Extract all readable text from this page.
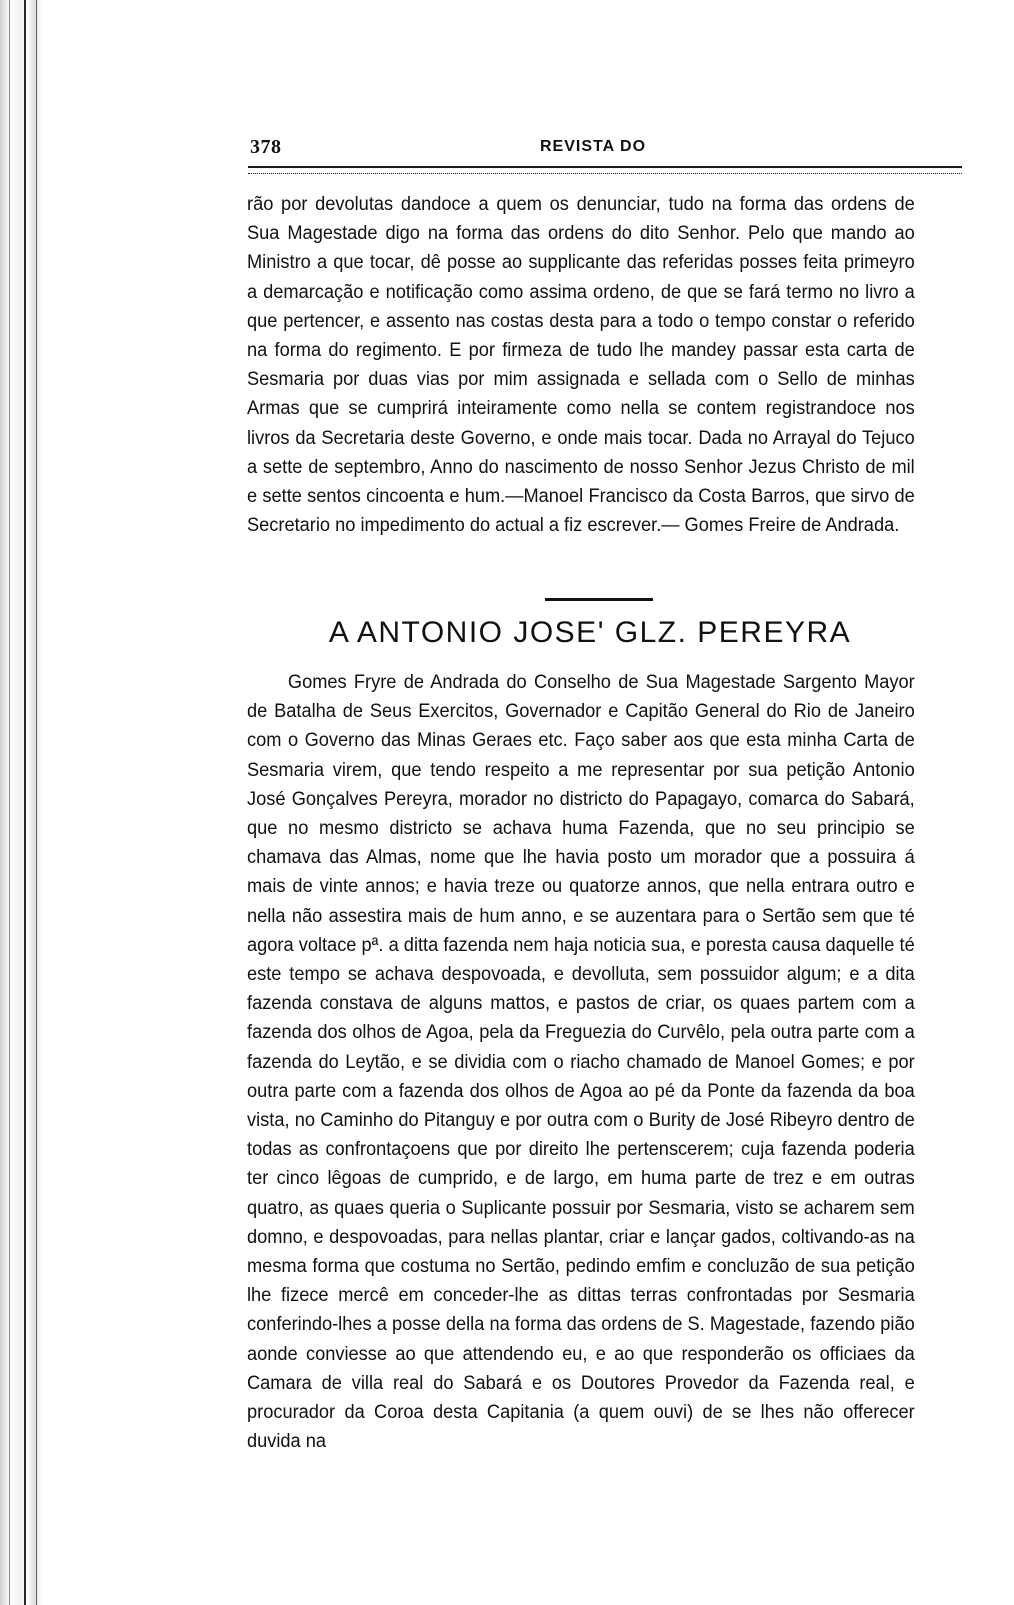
378	REVISTA DO

rão por devolutas dandoce a quem os denunciar, tudo na forma das ordens de Sua Magestade digo na forma das ordens do dito Senhor. Pelo que mando ao Ministro a que tocar, dê posse ao supplicante das referidas posses feita primeyro a demarcação e notificação como assima ordeno, de que se fará termo no livro a que pertencer, e assento nas costas desta para a todo o tempo constar o referido na forma do regimento. E por firmeza de tudo lhe mandey passar esta carta de Sesmaria por duas vias por mim assignada e sellada com o Sello de minhas Armas que se cumprirá inteiramente como nella se contem registrandoce nos livros da Secretaria deste Governo, e onde mais tocar. Dada no Arrayal do Tejuco a sette de septembro, Anno do nascimento de nosso Senhor Jezus Christo de mil e sette sentos cincoenta e hum.—Manoel Francisco da Costa Barros, que sirvo de Secretario no impedimento do actual a fiz escrever.— Gomes Freire de Andrada.

A ANTONIO JOSE' GLZ. PEREYRA

Gomes Fryre de Andrada do Conselho de Sua Magestade Sargento Mayor de Batalha de Seus Exercitos, Governador e Capitão General do Rio de Janeiro com o Governo das Minas Geraes etc. Faço saber aos que esta minha Carta de Sesmaria virem, que tendo respeito a me representar por sua petição Antonio José Gonçalves Pereyra, morador no districto do Papagayo, comarca do Sabará, que no mesmo districto se achava huma Fazenda, que no seu principio se chamava das Almas, nome que lhe havia posto um morador que a possuira á mais de vinte annos; e havia treze ou quatorze annos, que nella entrara outro e nella não assestira mais de hum anno, e se auzentara para o Sertão sem que té agora voltace pª. a ditta fazenda nem haja noticia sua, e poresta causa daquelle té este tempo se achava despovoada, e devolluta, sem possuidor algum; e a dita fazenda constava de alguns mattos, e pastos de criar, os quaes partem com a fazenda dos olhos de Agoa, pela da Freguezia do Curvêlo, pela outra parte com a fazenda do Leytão, e se dividia com o riacho chamado de Manoel Gomes; e por outra parte com a fazenda dos olhos de Agoa ao pé da Ponte da fazenda da boa vista, no Caminho do Pitanguy e por outra com o Burity de José Ribeyro dentro de todas as confrontaçoens que por direito lhe pertenscerem; cuja fazenda poderia ter cinco lêgoas de cumprido, e de largo, em huma parte de trez e em outras quatro, as quaes queria o Suplicante possuir por Sesmaria, visto se acharem sem domno, e despovoadas, para nellas plantar, criar e lançar gados, coltivando-as na mesma forma que costuma no Sertão, pedindo emfim e concluzão de sua petição lhe fizece mercê em conceder-lhe as dittas terras confrontadas por Sesmaria conferindo-lhes a posse della na forma das ordens de S. Magestade, fazendo pião aonde conviesse ao que attendendo eu, e ao que responderão os officiaes da Camara de villa real do Sabará e os Doutores Provedor da Fazenda real, e procurador da Coroa desta Capitania (a quem ouvi) de se lhes não offerecer duvida na
